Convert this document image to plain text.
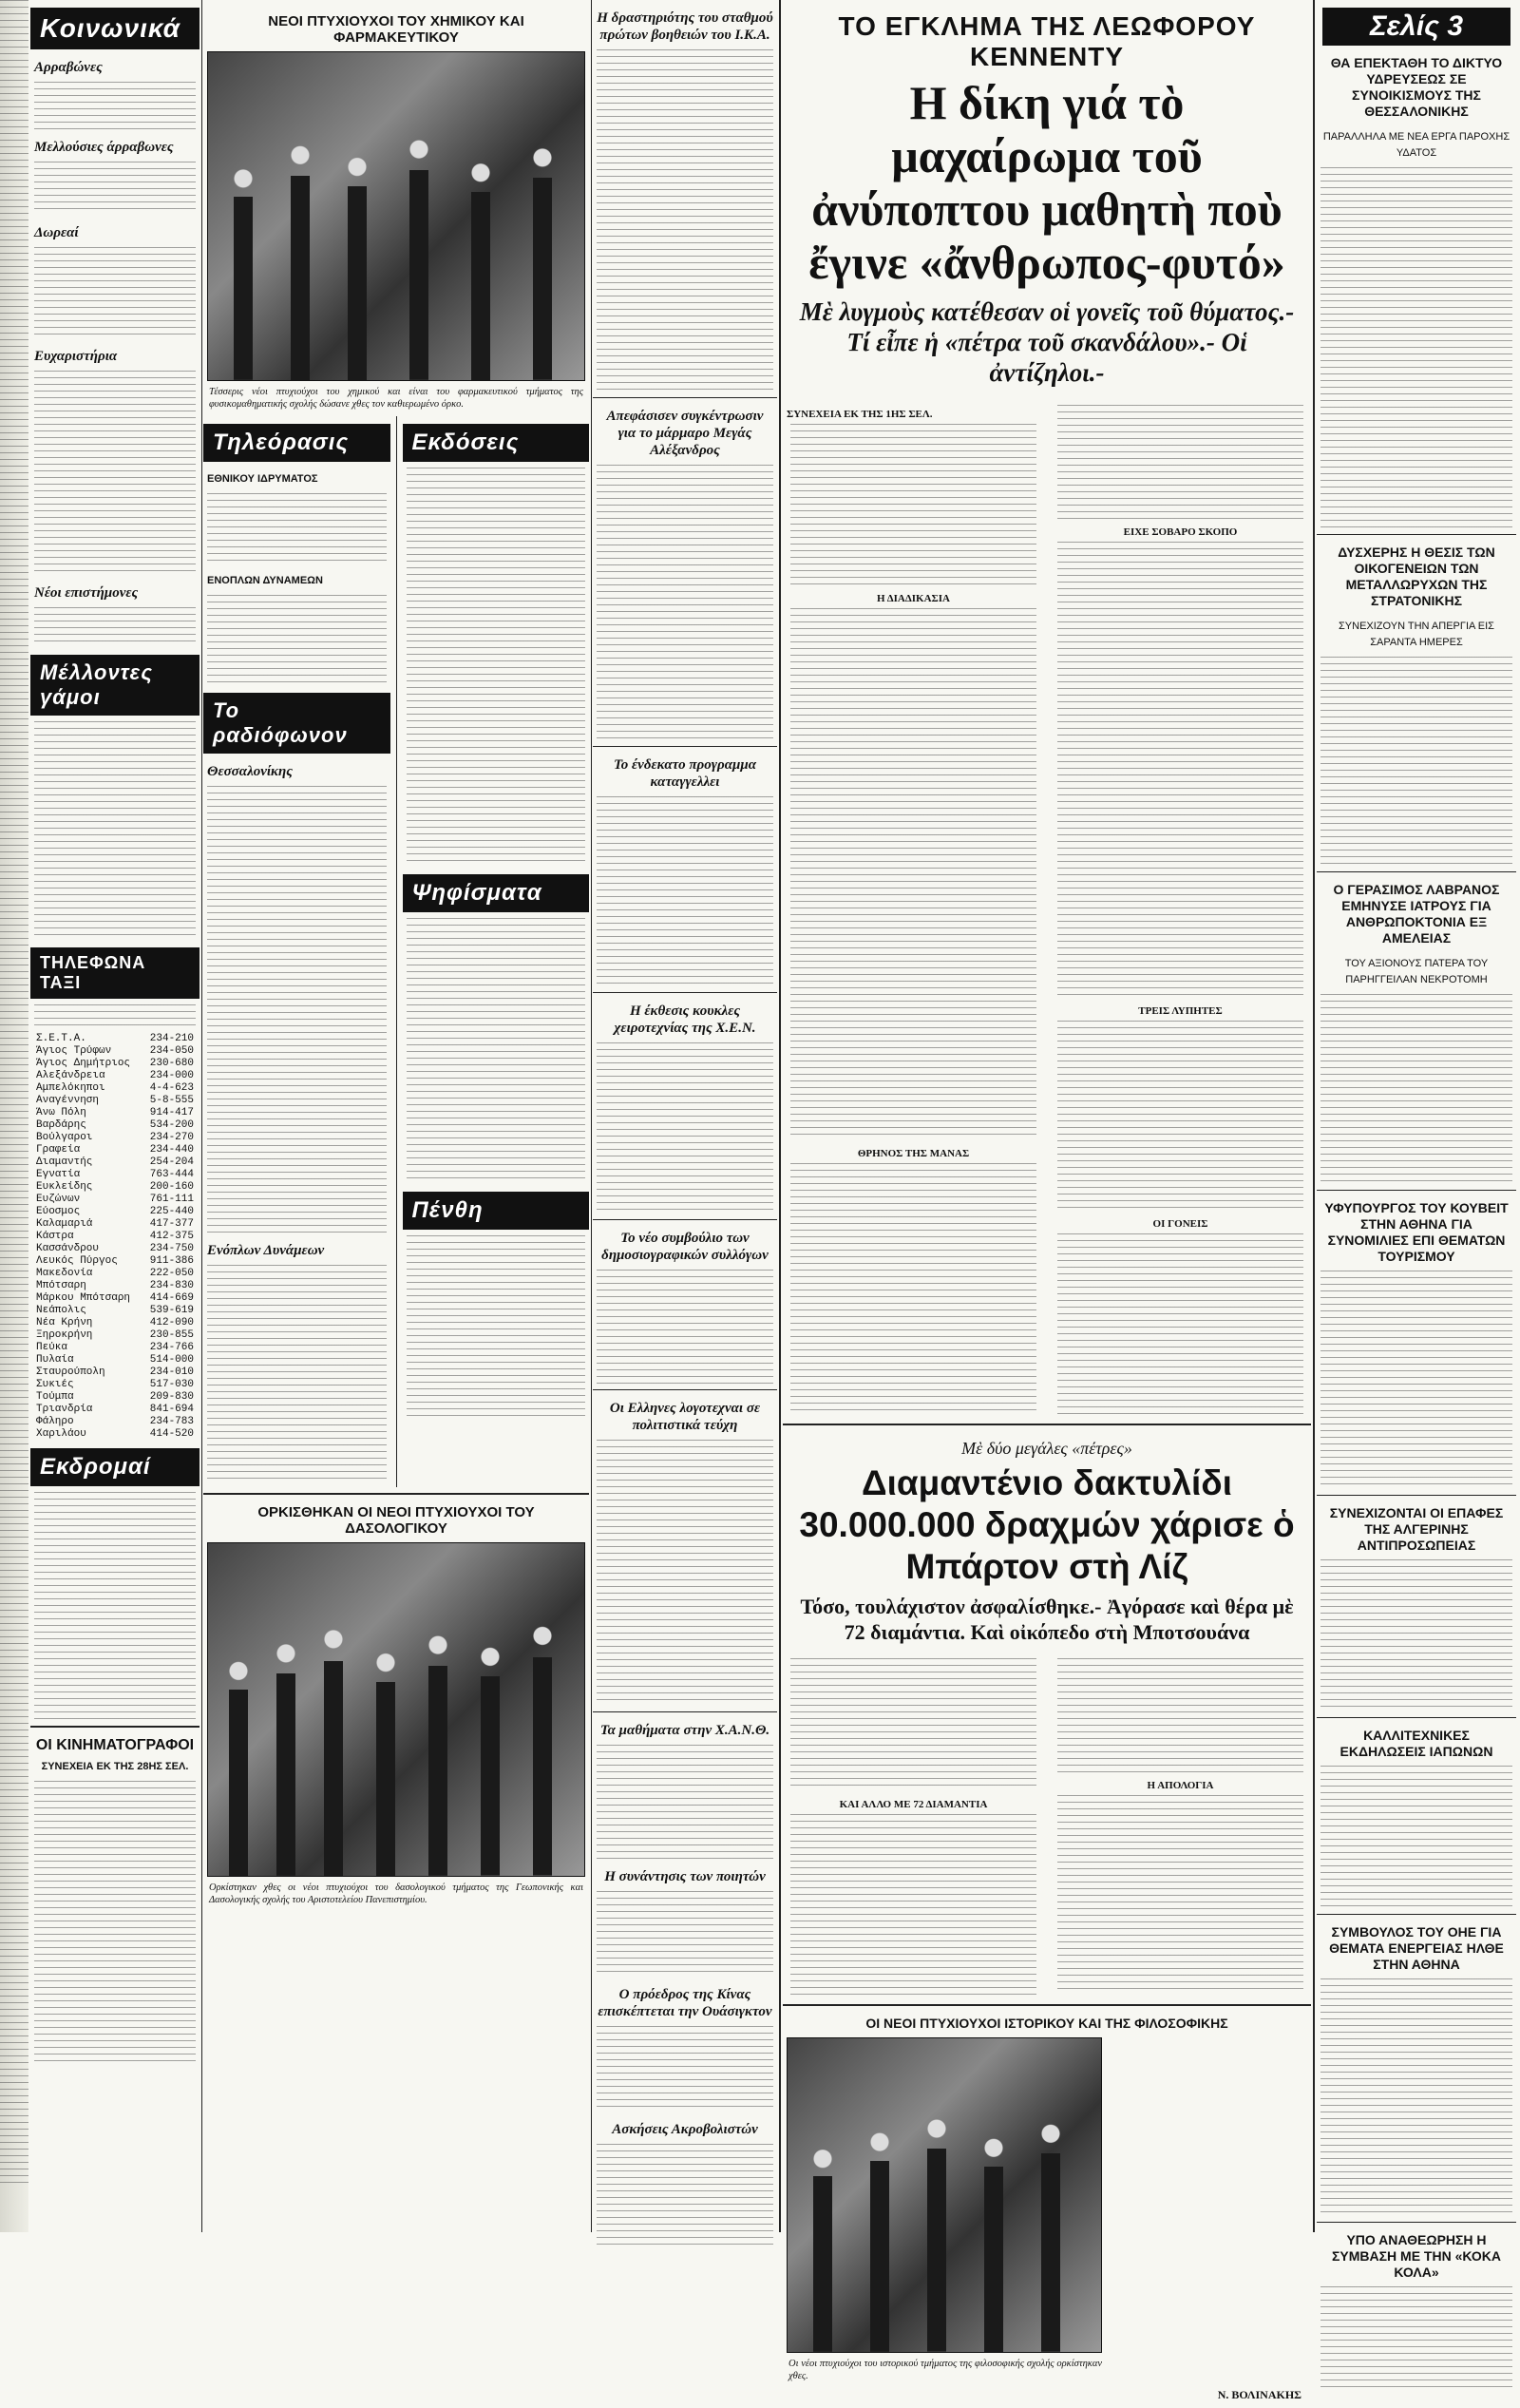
Κοινωνικά
Αρραβώνες
Μελλούσιες άρραβωνες
Δωρεαί
Ευχαριστήρια
Νέοι επιστήμονες
Μέλλοντες γάμοι
ΤΗΛΕΦΩΝΑ ΤΑΞΙ
Σ.Ε.Τ.Α.	234-210
Άγιος Τρύφων	234-050
Άγιος Δημήτριος 230-680
Αλεξάνδρεια	234-000
Αμπελόκηποι	4-4-623
Αναγέννηση	5-8-555
Άνω Πόλη	914-417
Βαρδάρης	534-200
Βούλγαροι	234-270
Γραφεία	234-440
Διαμαντής	254-204
Εγνατία	763-444
Ευκλείδης	200-160
Ευζώνων	761-111
Εύοσμος	225-440
Καλαμαριά	417-377
Κάστρα	412-375
Κασσάνδρου	234-750
Λευκός Πύργος	911-386
Μακεδονία	222-050
Μπότσαρη	234-830
Μάρκου Μπότσαρη 414-669
Νεάπολις	539-619
Νέα Κρήνη	412-090
Ξηροκρήνη	230-855
Πεύκα	234-766
Πυλαία	514-000
Σταυρούπολη	234-010
Συκιές	517-030
Τούμπα	209-830
Τριανδρία	841-694
Φάληρο	234-783
Χαριλάου	414-520
Εκδρομαί
ΟΙ ΚΙΝΗΜΑΤΟΓΡΑΦΟΙ
ΣΥΝΕΧΕΙΑ ΕΚ ΤΗΣ 28ΗΣ ΣΕΛ.
ΝΕΟΙ ΠΤΥΧΙΟΥΧΟΙ ΤΟΥ ΧΗΜΙΚΟΥ ΚΑΙ ΦΑΡΜΑΚΕΥΤΙΚΟΥ
Τέσσερις νέοι πτυχιούχοι του χημικού και είναι του φαρμακευτικού τμήματος της φυσικομαθηματικής σχολής δώσανε χθες τον καθιερωμένο όρκο.
Τηλεόρασις
ΕΘΝΙΚΟΥ ΙΔΡΥΜΑΤΟΣ
ΕΝΟΠΛΩΝ ΔΥΝΑΜΕΩΝ
Το ραδιόφωνον
Θεσσαλονίκης
Ενόπλων Δυνάμεων
Εκδόσεις
Ψηφίσματα
Πένθη
ΟΡΚΙΣΘΗΚΑΝ ΟΙ ΝΕΟΙ ΠΤΥΧΙΟΥΧΟΙ ΤΟΥ ΔΑΣΟΛΟΓΙΚΟΥ
Ορκίστηκαν χθες οι νέοι πτυχιούχοι του δασολογικού τμήματος της Γεωπονικής και Δασολογικής σχολής του Αριστοτελείου Πανεπιστημίου.
Η δραστηριότης του σταθμού πρώτων βοηθειών του Ι.Κ.Α.
Απεφάσισεν συγκέντρωσιν για το μάρμαρο Μεγάς Αλέξανδρος
Το ένδεκατο προγραμμα καταγγελλει
Η έκθεσις κουκλες χειροτεχνίας της Χ.Ε.Ν.
Το νέο συμβούλιο των δημοσιογραφικών συλλόγων
Οι Ελληνες λογοτεχναι σε πολιτιστικά τεύχη
Τα μαθήματα στην Χ.Α.Ν.Θ.
Η συνάντησις των ποιητών
Ο πρόεδρος της Κίνας επισκέπτεται την Ουάσιγκτον
Ασκήσεις Ακροβολιστών
ΤΟ ΕΓΚΛΗΜΑ ΤΗΣ ΛΕΩΦΟΡΟΥ ΚΕΝΝΕΝΤΥ
Η δίκη γιά τὸ μαχαίρωμα τοῦ ἀνύποπτου μαθητὴ ποὺ ἔγινε «ἄνθρωπος-φυτό»
Μὲ λυγμοὺς κατέθεσαν οἱ γονεῖς τοῦ θύματος.- Τί εἶπε ἡ «πέτρα τοῦ σκανδάλου».- Οἱ ἀντίζηλοι.-
ΣΥΝΕΧΕΙΑ ΕΚ ΤΗΣ 1ΗΣ ΣΕΛ.
Η ΔΙΑΔΙΚΑΣΙΑ
ΘΡΗΝΟΣ ΤΗΣ ΜΑΝΑΣ
ΕΙΧΕ ΣΟΒΑΡΟ ΣΚΟΠΟ
ΤΡΕΙΣ ΛΥΠΗΤΕΣ
ΟΙ ΓΟΝΕΙΣ
Μὲ δύο μεγάλες «πέτρες»
Διαμαντένιο δακτυλίδι 30.000.000 δραχμών χάρισε ὁ Μπάρτον στὴ Λίζ
Τόσο, τουλάχιστον ἀσφαλίσθηκε.- Ἀγόρασε καὶ θέρα μὲ 72 διαμάντια. Καὶ οἰκόπεδο στὴ Μποτσουάνα
ΚΑΙ ΑΛΛΟ ΜΕ 72 ΔΙΑΜΑΝΤΙΑ
Η ΑΠΟΛΟΓΙΑ
ΟΙ ΝΕΟΙ ΠΤΥΧΙΟΥΧΟΙ ΙΣΤΟΡΙΚΟΥ ΚΑΙ ΤΗΣ ΦΙΛΟΣΟΦΙΚΗΣ
Οι νέοι πτυχιούχοι του ιστορικού τμήματος της φιλοσοφικής σχολής ορκίστηκαν χθες.
Ν. ΒΟΛΙΝΑΚΗΣ
Σελίς 3
ΘΑ ΕΠΕΚΤΑΘΗ ΤΟ ΔΙΚΤΥΟ ΥΔΡΕΥΣΕΩΣ ΣΕ ΣΥΝΟΙΚΙΣΜΟΥΣ ΤΗΣ ΘΕΣΣΑΛΟΝΙΚΗΣ
ΠΑΡΑΛΛΗΛΑ ΜΕ ΝΕΑ ΕΡΓΑ ΠΑΡΟΧΗΣ ΥΔΑΤΟΣ
ΔΥΣΧΕΡΗΣ Η ΘΕΣΙΣ ΤΩΝ ΟΙΚΟΓΕΝΕΙΩΝ ΤΩΝ ΜΕΤΑΛΛΩΡΥΧΩΝ ΤΗΣ ΣΤΡΑΤΟΝΙΚΗΣ
ΣΥΝΕΧΙΖΟΥΝ ΤΗΝ ΑΠΕΡΓΙΑ ΕΙΣ ΣΑΡΑΝΤΑ ΗΜΕΡΕΣ
Ο ΓΕΡΑΣΙΜΟΣ ΛΑΒΡΑΝΟΣ ΕΜΗΝΥΣΕ ΙΑΤΡΟΥΣ ΓΙΑ ΑΝΘΡΩΠΟΚΤΟΝΙΑ ΕΞ ΑΜΕΛΕΙΑΣ
ΤΟΥ ΑΞΙΟΝΟΥΣ ΠΑΤΕΡΑ ΤΟΥ ΠΑΡΗΓΓΕΙΛΑΝ ΝΕΚΡΟΤΟΜΗ
ΥΦΥΠΟΥΡΓΟΣ ΤΟΥ ΚΟΥΒΕΙΤ ΣΤΗΝ ΑΘΗΝΑ ΓΙΑ ΣΥΝΟΜΙΛΙΕΣ ΕΠΙ ΘΕΜΑΤΩΝ ΤΟΥΡΙΣΜΟΥ
ΣΥΝΕΧΙΖΟΝΤΑΙ ΟΙ ΕΠΑΦΕΣ ΤΗΣ ΑΛΓΕΡΙΝΗΣ ΑΝΤΙΠΡΟΣΩΠΕΙΑΣ
ΚΑΛΛΙΤΕΧΝΙΚΕΣ ΕΚΔΗΛΩΣΕΙΣ ΙΑΠΩΝΩΝ
ΣΥΜΒΟΥΛΟΣ ΤΟΥ ΟΗΕ ΓΙΑ ΘΕΜΑΤΑ ΕΝΕΡΓΕΙΑΣ ΗΛΘΕ ΣΤΗΝ ΑΘΗΝΑ
ΥΠΟ ΑΝΑΘΕΩΡΗΣΗ Η ΣΥΜΒΑΣΗ ΜΕ ΤΗΝ «ΚΟΚΑ ΚΟΛΑ»
